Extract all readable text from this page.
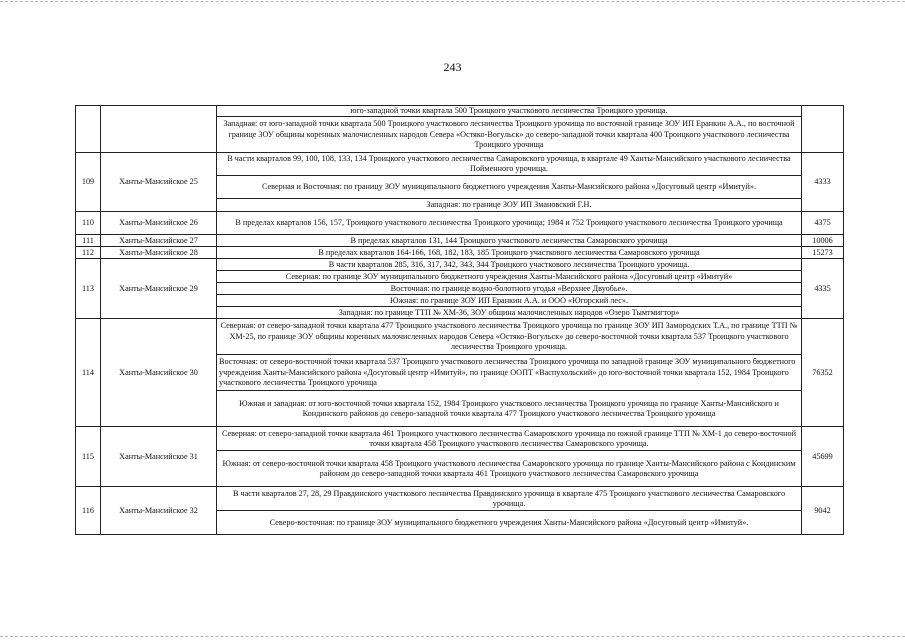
243
		юго-западной точки квартала 500 Троицкого участкового лесничества Троицкого урочища.	
		Западная: от юго-западной точки квартала 500 Троицкого участкового лесничества Троицкого урочища по восточной границе ЗОУ ИП Еранкин А.А., по восточной границе ЗОУ общины коренных малочисленных народов Севера «Остяко-Вогульск» до северо-западной точки квартала 400 Троицкого участкового лесничества Троицкого урочища	
109	Ханты-Мансийское 25	В части кварталов 99, 100, 108, 133, 134 Троицкого участкового лесничества Самаровского урочища, в квартале 49 Ханты-Мансийского участкового лесничества Пойменного урочища.	4333
		Северная и Восточная: по границу ЗОУ муниципального бюджетного учреждения Ханты-Мансийского района «Досуговый центр «Имитуй».	
		Западная: по границе ЗОУ ИП Змановский Г.Н.	
110	Ханты-Мансийское 26	В пределах кварталов 156, 157, Троицкого участкового лесничества Троицкого урочища; 1984 и 752 Троицкого участкового лесничества Троицкого урочища	4375
111	Ханты-Мансийское 27	В пределах кварталов 131, 144 Троицкого участкового лесничества Самаровского урочища	10006
112	Ханты-Мансийское 28	В пределах кварталов 164-166, 168, 182, 183, 185 Троицкого участкового лесничества Самаровского урочища	15273
113	Ханты-Мансийское 29	В части кварталов 285, 316, 317, 342, 343, 344 Троицкого участкового лесничества Троицкого урочища.	4335
		Северная: по границе ЗОУ муниципального бюджетного учреждения Ханты-Мансийского района «Досуговый центр «Имитуй»	
		Восточная: по границе водно-болотного угодья «Верхнее Двуобье».	
		Южная: по границе ЗОУ ИП Еранкин А.А. и ООО «Югорский лес».	
		Западная: по границе ТТП № ХМ-36, ЗОУ община малочисленных народов «Озеро Тымтмигтор»	
114	Ханты-Мансийское 30	Северная: от северо-западной точки квартала 477 Троицкого участкового лесничества Троицкого урочища по границе ЗОУ ИП Замородских Т.А., по границе ТТП № ХМ-25, по границе ЗОУ общины коренных малочисленных народов Севера «Остяко-Вогульск» до северо-восточной точки квартала 537 Троицкого участкового лесничества Троицкого урочища.	76352
		Восточная: от северо-восточной точки квартала 537 Троицкого участкового лесничества Троицкого урочища по западной границе ЗОУ муниципального бюджетного учреждения Ханты-Мансийского района «Досуговый центр «Имитуй», по границе ООПТ «Васпухольский» до юго-восточной точки квартала 152, 1984 Троицкого участкового лесничества Троицкого урочища	
		Южная и западная: от юго-восточной точки квартала 152, 1984 Троицкого участкового лесничества Троицкого урочища по границе Ханты-Мансийского и Кондинского районов до северо-западной точки квартала 477 Троицкого участкового лесничества Троицкого урочища	
115	Ханты-Мансийское 31	Северная: от северо-западной точки квартала 461 Троицкого участкового лесничества Самаровского урочища по южной границе ТТП № ХМ-1 до северо-восточной точки квартала 458 Троицкого участкового лесничества Самаровского урочища.	45699
		Южная: от северо-восточной точки квартала 458 Троицкого участкового лесничества Самаровского урочища по границе Ханты-Мансийского района с Кондинским районом до северо-западной точки квартала 461 Троицкого участкового лесничества Самаровского урочища	
116	Ханты-Мансийское 32	В части кварталов 27, 28, 29 Правдинского участкового лесничества Правдинского урочища в квартале 475 Троицкого участкового лесничества Самаровского урочища.	9042
		Северо-восточная: по границе ЗОУ муниципального бюджетного учреждения Ханты-Мансийского района «Досуговый центр «Имитуй».	
